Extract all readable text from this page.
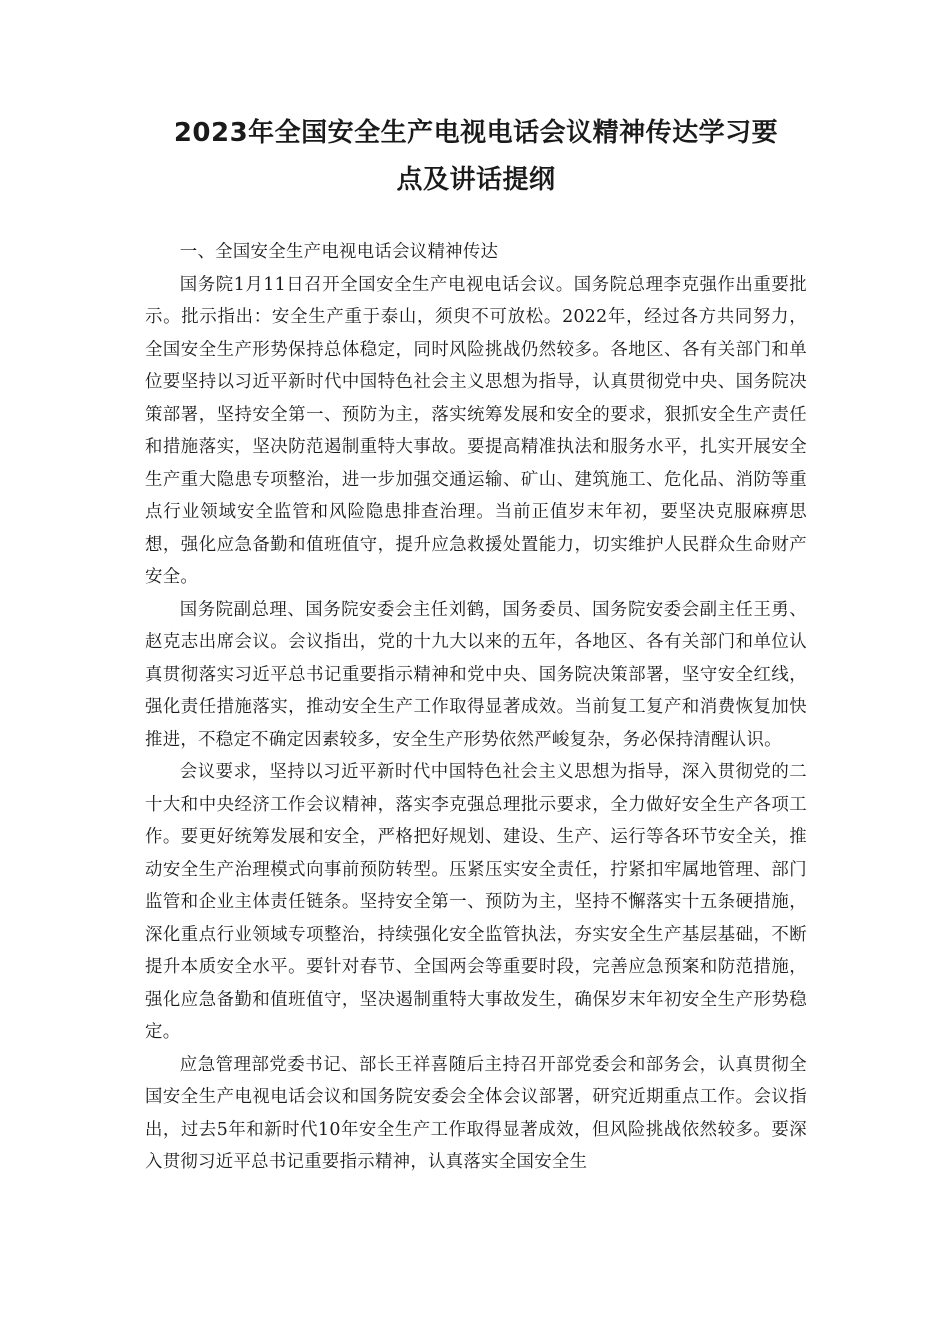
2023年全国安全生产电视电话会议精神传达学习要
点及讲话提纲

一、全国安全生产电视电话会议精神传达

国务院1月11日召开全国安全生产电视电话会议。国务院总理李克强作出重要批示。批示指出：安全生产重于泰山，须臾不可放松。2022年，经过各方共同努力，全国安全生产形势保持总体稳定，同时风险挑战仍然较多。各地区、各有关部门和单位要坚持以习近平新时代中国特色社会主义思想为指导，认真贯彻党中央、国务院决策部署，坚持安全第一、预防为主，落实统筹发展和安全的要求，狠抓安全生产责任和措施落实，坚决防范遏制重特大事故。要提高精准执法和服务水平，扎实开展安全生产重大隐患专项整治，进一步加强交通运输、矿山、建筑施工、危化品、消防等重点行业领域安全监管和风险隐患排查治理。当前正值岁末年初，要坚决克服麻痹思想，强化应急备勤和值班值守，提升应急救援处置能力，切实维护人民群众生命财产安全。

国务院副总理、国务院安委会主任刘鹤，国务委员、国务院安委会副主任王勇、赵克志出席会议。会议指出，党的十九大以来的五年，各地区、各有关部门和单位认真贯彻落实习近平总书记重要指示精神和党中央、国务院决策部署，坚守安全红线，强化责任措施落实，推动安全生产工作取得显著成效。当前复工复产和消费恢复加快推进，不稳定不确定因素较多，安全生产形势依然严峻复杂，务必保持清醒认识。

会议要求，坚持以习近平新时代中国特色社会主义思想为指导，深入贯彻党的二十大和中央经济工作会议精神，落实李克强总理批示要求，全力做好安全生产各项工作。要更好统筹发展和安全，严格把好规划、建设、生产、运行等各环节安全关，推动安全生产治理模式向事前预防转型。压紧压实安全责任，拧紧扣牢属地管理、部门监管和企业主体责任链条。坚持安全第一、预防为主，坚持不懈落实十五条硬措施，深化重点行业领域专项整治，持续强化安全监管执法，夯实安全生产基层基础，不断提升本质安全水平。要针对春节、全国两会等重要时段，完善应急预案和防范措施，强化应急备勤和值班值守，坚决遏制重特大事故发生，确保岁末年初安全生产形势稳定。

应急管理部党委书记、部长王祥喜随后主持召开部党委会和部务会，认真贯彻全国安全生产电视电话会议和国务院安委会全体会议部署，研究近期重点工作。会议指出，过去5年和新时代10年安全生产工作取得显著成效，但风险挑战依然较多。要深入贯彻习近平总书记重要指示精神，认真落实全国安全生
